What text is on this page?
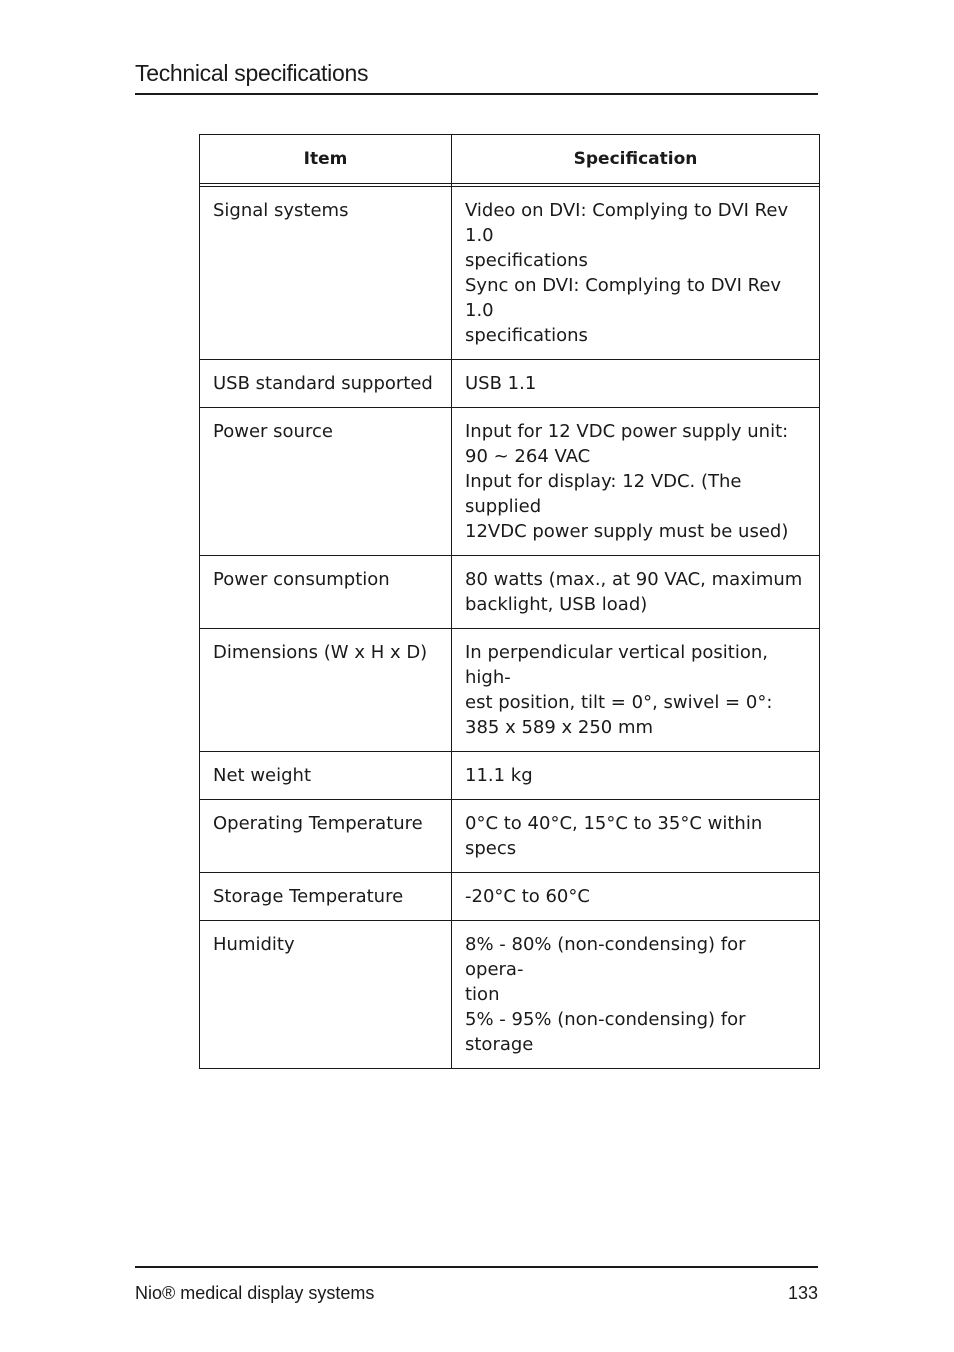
Technical specifications
Item	Specification

Signal systems	Video on DVI: Complying to DVI Rev 1.0
specifications
Sync on DVI: Complying to DVI Rev 1.0
specifications

USB standard supported	USB 1.1

Power source	Input for 12 VDC power supply unit:
90 ~ 264 VAC
Input for display: 12 VDC. (The supplied
12VDC power supply must be used)

Power consumption	80 watts (max., at 90 VAC, maximum
backlight, USB load)

Dimensions (W x H x D)	In perpendicular vertical position, high-
est position, tilt = 0°, swivel = 0°:
385 x 589 x 250 mm

Net weight	11.1 kg

Operating Temperature	0°C to 40°C, 15°C to 35°C within specs

Storage Temperature	-20°C to 60°C

Humidity	8% - 80% (non-condensing) for opera-
tion
5% - 95% (non-condensing) for storage
Nio® medical display systems	133
